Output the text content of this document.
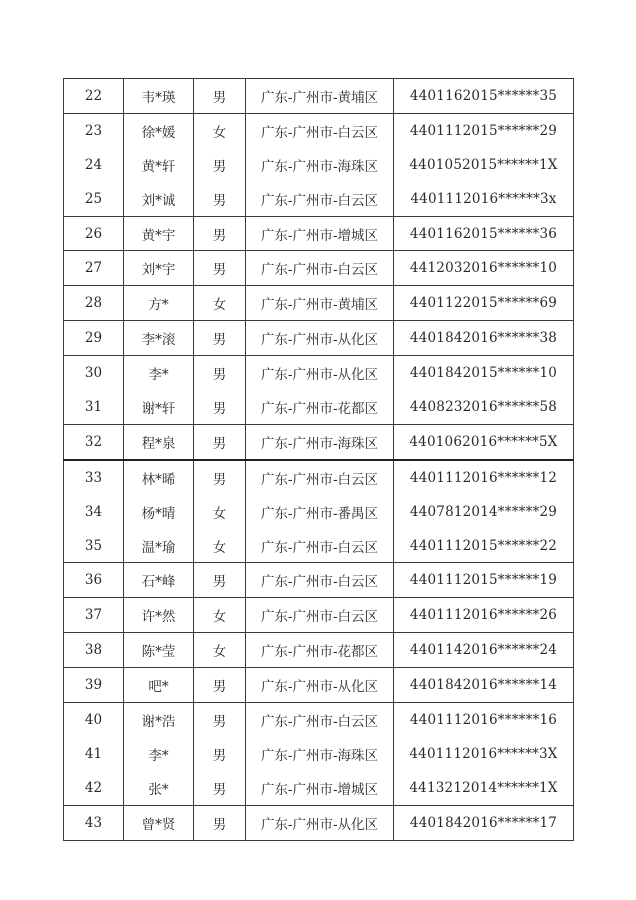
22	韦*瑛	男	广东-广州市-黄埔区	4401162015******35
23	徐*媛	女	广东-广州市-白云区	4401112015******29
24	黄*轩	男	广东-广州市-海珠区	4401052015******1X
25	刘*诚	男	广东-广州市-白云区	4401112016******3x
26	黄*宇	男	广东-广州市-增城区	4401162015******36
27	刘*宇	男	广东-广州市-白云区	4412032016******10
28	方*	女	广东-广州市-黄埔区	4401122015******69
29	李*滚	男	广东-广州市-从化区	4401842016******38
30	李*	男	广东-广州市-从化区	4401842015******10
31	谢*轩	男	广东-广州市-花都区	4408232016******58
32	程*泉	男	广东-广州市-海珠区	4401062016******5X
33	林*晞	男	广东-广州市-白云区	4401112016******12
34	杨*晴	女	广东-广州市-番禺区	4407812014******29
35	温*瑜	女	广东-广州市-白云区	4401112015******22
36	石*峰	男	广东-广州市-白云区	4401112015******19
37	许*然	女	广东-广州市-白云区	4401112016******26
38	陈*莹	女	广东-广州市-花都区	4401142016******24
39	吧*	男	广东-广州市-从化区	4401842016******14
40	谢*浩	男	广东-广州市-白云区	4401112016******16
41	李*	男	广东-广州市-海珠区	4401112016******3X
42	张*	男	广东-广州市-增城区	4413212014******1X
43	曾*贤	男	广东-广州市-从化区	4401842016******17
